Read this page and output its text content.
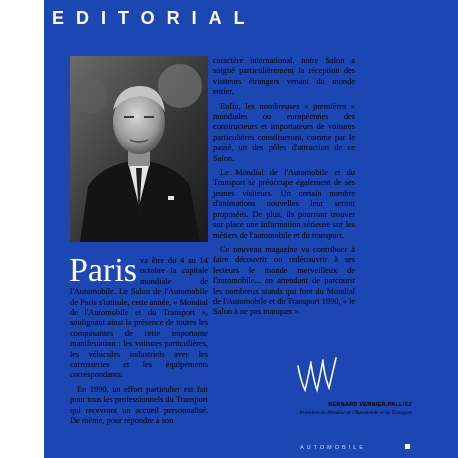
EDITORIAL

Paris va être du 4 au 14 octobre la capitale mondiale de l'Automobile. Le Salon de l'Automobile de Paris s'intitule, cette année, « Mondial de l'Automobile et du Transport », soulignant ainsi la présence de toutes les composantes de cette importante manifestation : les voitures particulières, les véhicules industriels avec les carrosseries et les équipements correspondants.

En 1990, un effort particulier est fait pour tous les professionnels du Transport qui recevront un accueil personnalisé. De même, pour répondre à son

caractère international, notre Salon a soigné particulièrement la réception des visiteurs étrangers venant du monde entier.

Enfin, les nombreuses « premières » mondiales ou européennes des constructeurs et importateurs de voitures particulières constitueront, comme par le passé, un des pôles d'attraction de ce Salon.

Le Mondial de l'Automobile et du Transport se préoccupe également de ses jeunes visiteurs. Un certain nombre d'animations nouvelles leur seront proposées. De plus, ils pourront trouver sur place une information sérieuse sur les métiers de l'automobile et du transport.

Ce nouveau magazine va contribuer à faire découvrir ou redécouvrir à ses lecteurs le monde merveilleux de l'automobile... en attendant de parcourir les nombreux stands qui font du Mondial de l'Automobile et du Transport 1990, « le Salon à ne pas manquer ».

BERNARD VERNIER-PALLIEZ
Président du Mondial de l'Automobile et du Transport
AUTOMOBILE
